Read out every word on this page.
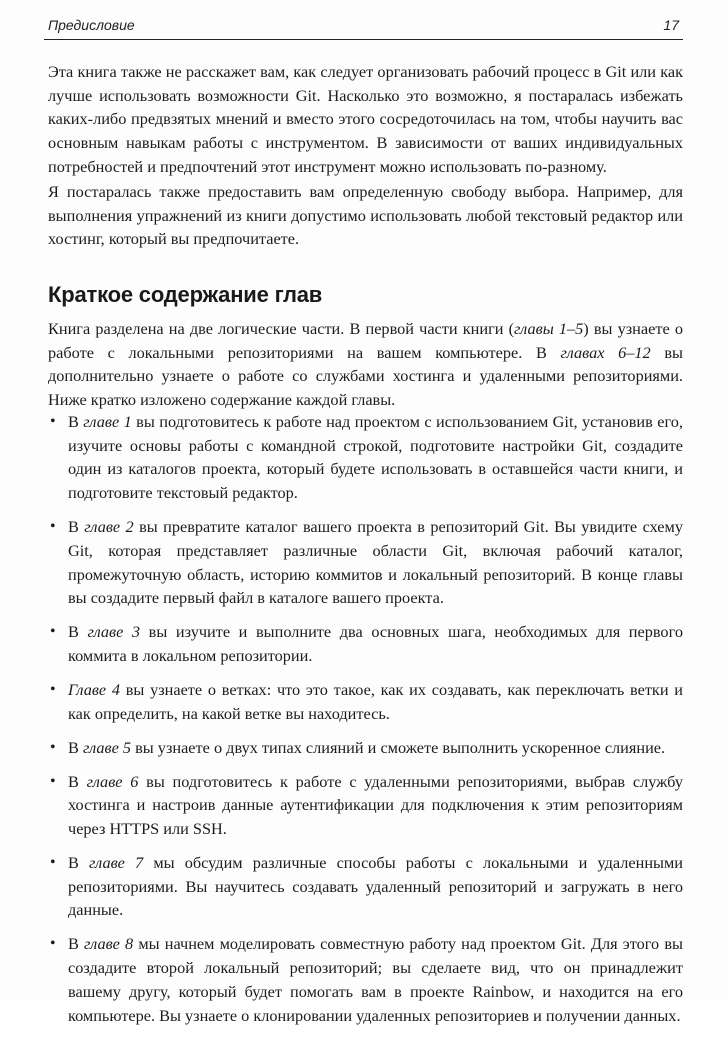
Предисловие	17

Эта книга также не расскажет вам, как следует организовать рабочий процесс в Git или как лучше использовать возможности Git. Насколько это возможно, я постаралась избежать каких-либо предвзятых мнений и вместо этого сосредоточилась на том, чтобы научить вас основным навыкам работы с инструментом. В зависимости от ваших индивидуальных потребностей и предпочтений этот инструмент можно использовать по-разному.

Я постаралась также предоставить вам определенную свободу выбора. Например, для выполнения упражнений из книги допустимо использовать любой текстовый редактор или хостинг, который вы предпочитаете.

Краткое содержание глав

Книга разделена на две логические части. В первой части книги (главы 1–5) вы узнаете о работе с локальными репозиториями на вашем компьютере. В главах 6–12 вы дополнительно узнаете о работе со службами хостинга и удаленными репозиториями. Ниже кратко изложено содержание каждой главы.

• В главе 1 вы подготовитесь к работе над проектом с использованием Git, установив его, изучите основы работы с командной строкой, подготовите настройки Git, создадите один из каталогов проекта, который будете использовать в оставшейся части книги, и подготовите текстовый редактор.
• В главе 2 вы превратите каталог вашего проекта в репозиторий Git. Вы увидите схему Git, которая представляет различные области Git, включая рабочий каталог, промежуточную область, историю коммитов и локальный репозиторий. В конце главы вы создадите первый файл в каталоге вашего проекта.
• В главе 3 вы изучите и выполните два основных шага, необходимых для первого коммита в локальном репозитории.
• Главе 4 вы узнаете о ветках: что это такое, как их создавать, как переключать ветки и как определить, на какой ветке вы находитесь.
• В главе 5 вы узнаете о двух типах слияний и сможете выполнить ускоренное слияние.
• В главе 6 вы подготовитесь к работе с удаленными репозиториями, выбрав службу хостинга и настроив данные аутентификации для подключения к этим репозиториям через HTTPS или SSH.
• В главе 7 мы обсудим различные способы работы с локальными и удаленными репозиториями. Вы научитесь создавать удаленный репозиторий и загружать в него данные.
• В главе 8 мы начнем моделировать совместную работу над проектом Git. Для этого вы создадите второй локальный репозиторий; вы сделаете вид, что он принадлежит вашему другу, который будет помогать вам в проекте Rainbow, и находится на его компьютере. Вы узнаете о клонировании удаленных репозиториев и получении данных.
